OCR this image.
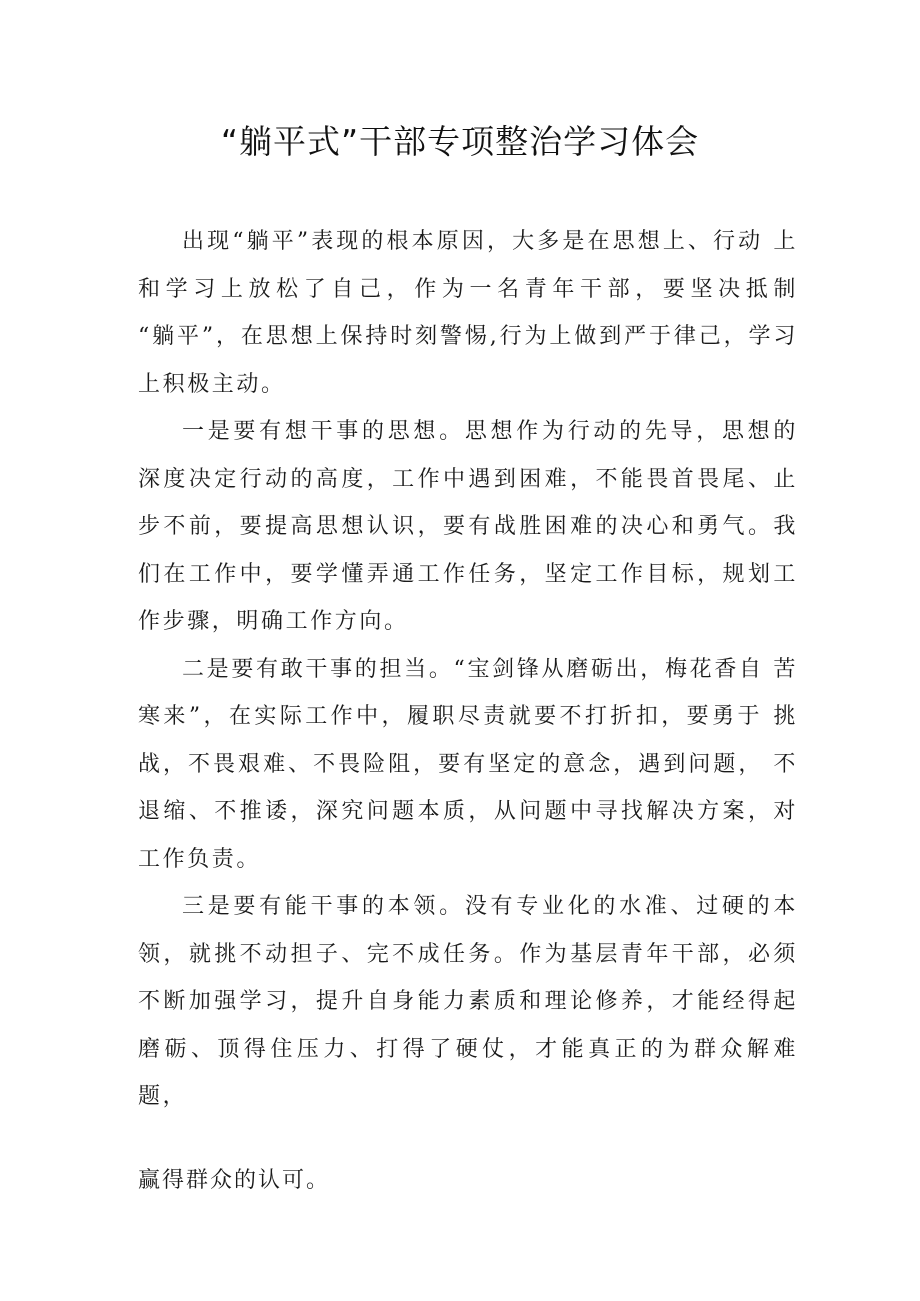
“躺平式”干部专项整治学习体会

出现“躺平”表现的根本原因，大多是在思想上、行动 上和学习上放松了自己，作为一名青年干部，要坚决抵制　 “躺平”，在思想上保持时刻警惕,行为上做到严于律己，学习上积极主动。

一是要有想干事的思想。思想作为行动的先导，思想的 深度决定行动的高度，工作中遇到困难，不能畏首畏尾、止　 步不前，要提高思想认识，要有战胜困难的决心和勇气。我　 们在工作中，要学懂弄通工作任务，坚定工作目标，规划工 作步骤，明确工作方向。

二是要有敢干事的担当。“宝剑锋从磨砺出，梅花香自 苦寒来”，在实际工作中，履职尽责就要不打折扣，要勇于 挑战，不畏艰难、不畏险阻，要有坚定的意念，遇到问题， 不退缩、不推诿，深究问题本质，从问题中寻找解决方案，对工作负责。

三是要有能干事的本领。没有专业化的水准、过硬的本　领，就挑不动担子、完不成任务。作为基层青年干部，必须 不断加强学习，提升自身能力素质和理论修养，才能经得起 磨砺、顶得住压力、打得了硬仗，才能真正的为群众解难题，

赢得群众的认可。
